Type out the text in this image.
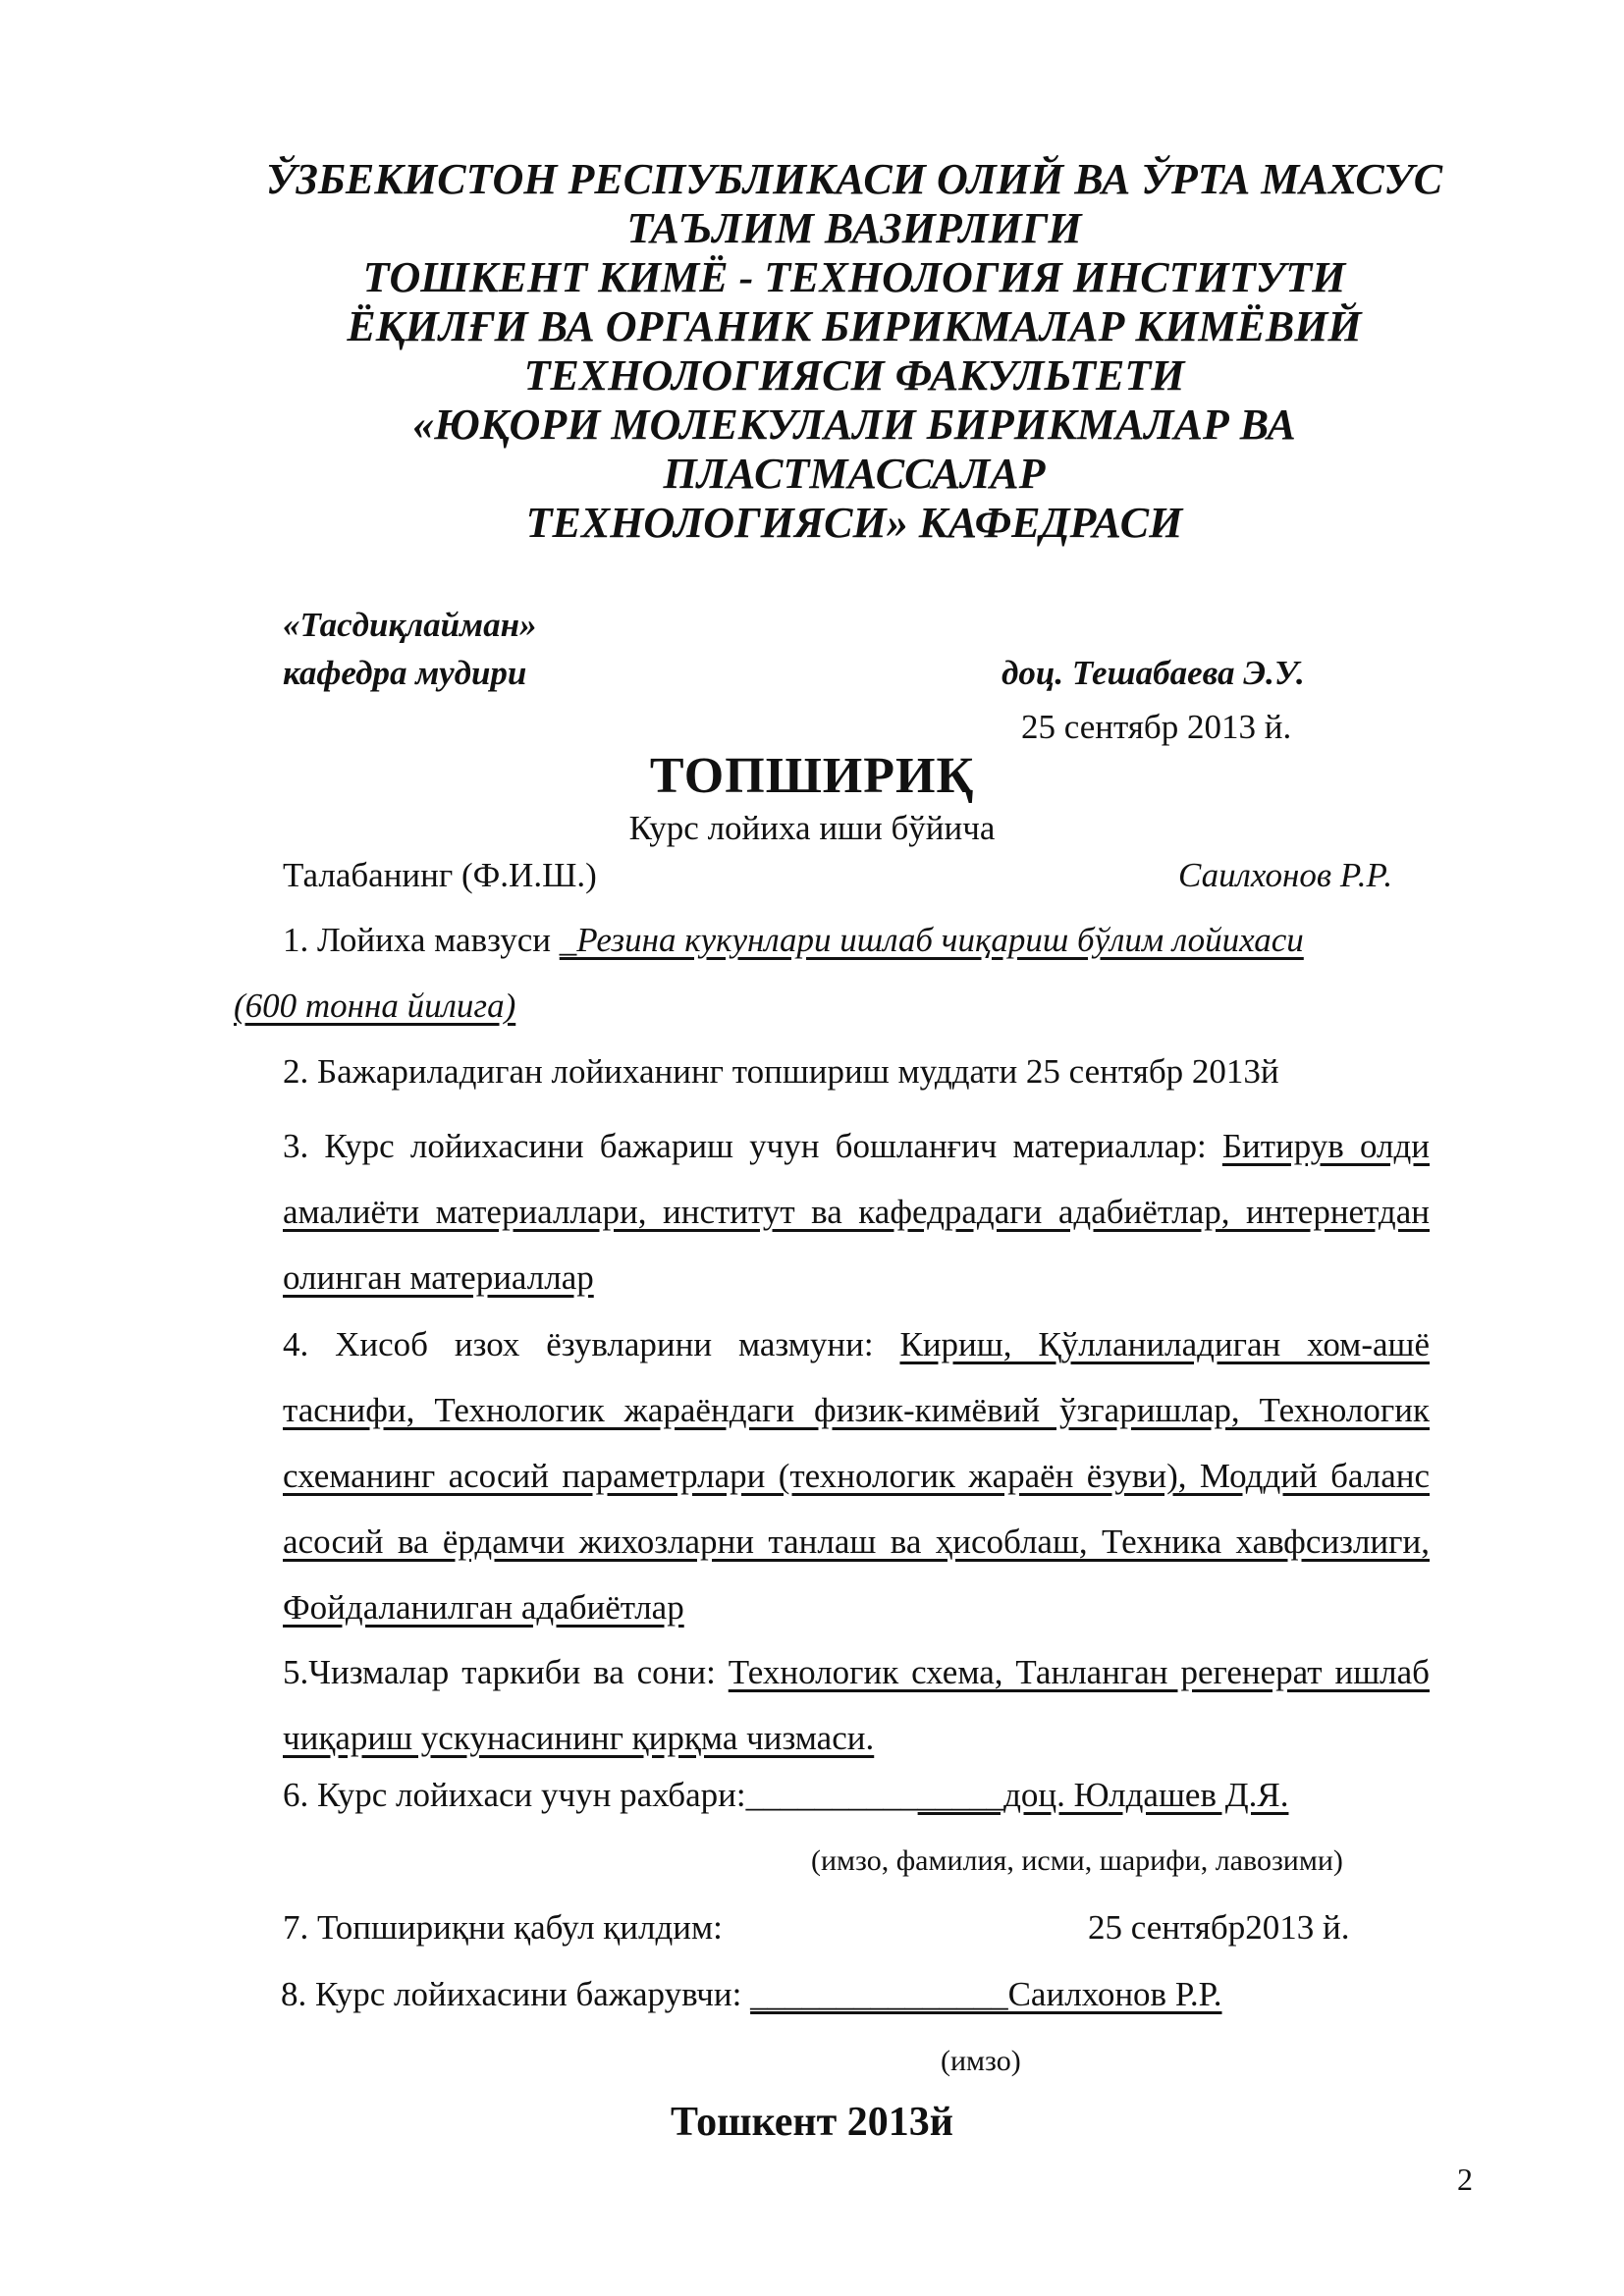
ЎЗБЕКИСТОН РЕСПУБЛИКАСИ ОЛИЙ ВА ЎРТА МАХСУС
ТАЪЛИМ ВАЗИРЛИГИ
ТОШКЕНТ КИМЁ - ТЕХНОЛОГИЯ ИНСТИТУТИ
ЁҚИЛҒИ ВА ОРГАНИК БИРИКМАЛАР КИМЁВИЙ
ТЕХНОЛОГИЯСИ ФАКУЛЬТЕТИ
«ЮҚОРИ МОЛЕКУЛАЛИ БИРИКМАЛАР ВА
ПЛАСТМАССАЛАР
ТЕХНОЛОГИЯСИ» КАФЕДРАСИ
«Тасдиқлайман»
кафедра мудири	доц. Тешабаева Э.У.
25 сентябр 2013 й.
ТОПШИРИҚ
Курс лойиха иши бўйича
Талабанинг (Ф.И.Ш.)	Саилхонов Р.Р.
1. Лойиха мавзуси _Резина кукунлари ишлаб чиқариш бўлим лойихаси
(600 тонна йилига)
2. Бажариладиган лойиханинг топшириш муддати 25 сентябр 2013й
3. Курс лойихасини бажариш учун бошланғич материаллар: Битирув олди амалиёти материаллари, институт ва кафедрадаги адабиётлар, интернетдан олинган материаллар
4. Хисоб изох ёзувларини мазмуни: Кириш, Қўлланиладиган хом-ашё таснифи, Технологик жараёндаги физик-кимёвий ўзгаришлар, Технологик схеманинг асосий параметрлари (технологик жараён ёзуви), Моддий баланс асосий ва ёрдамчи жихозларни танлаш ва ҳисоблаш, Техника хавфсизлиги, Фойдаланилган адабиётлар
5.Чизмалар таркиби ва сони: Технологик схема, Танланган регенерат ишлаб чиқариш ускунасининг қирқма чизмаси.
6. Курс лойихаси учун рахбари:_______________доц. Юлдашев Д.Я.
(имзо, фамилия, исми, шарифи, лавозими)
7. Топшириқни қабул қилдим:	25 сентябр2013 й.
8. Курс лойихасини бажарувчи: _______________Саилхонов Р.Р.
(имзо)
Тошкент 2013й
2
